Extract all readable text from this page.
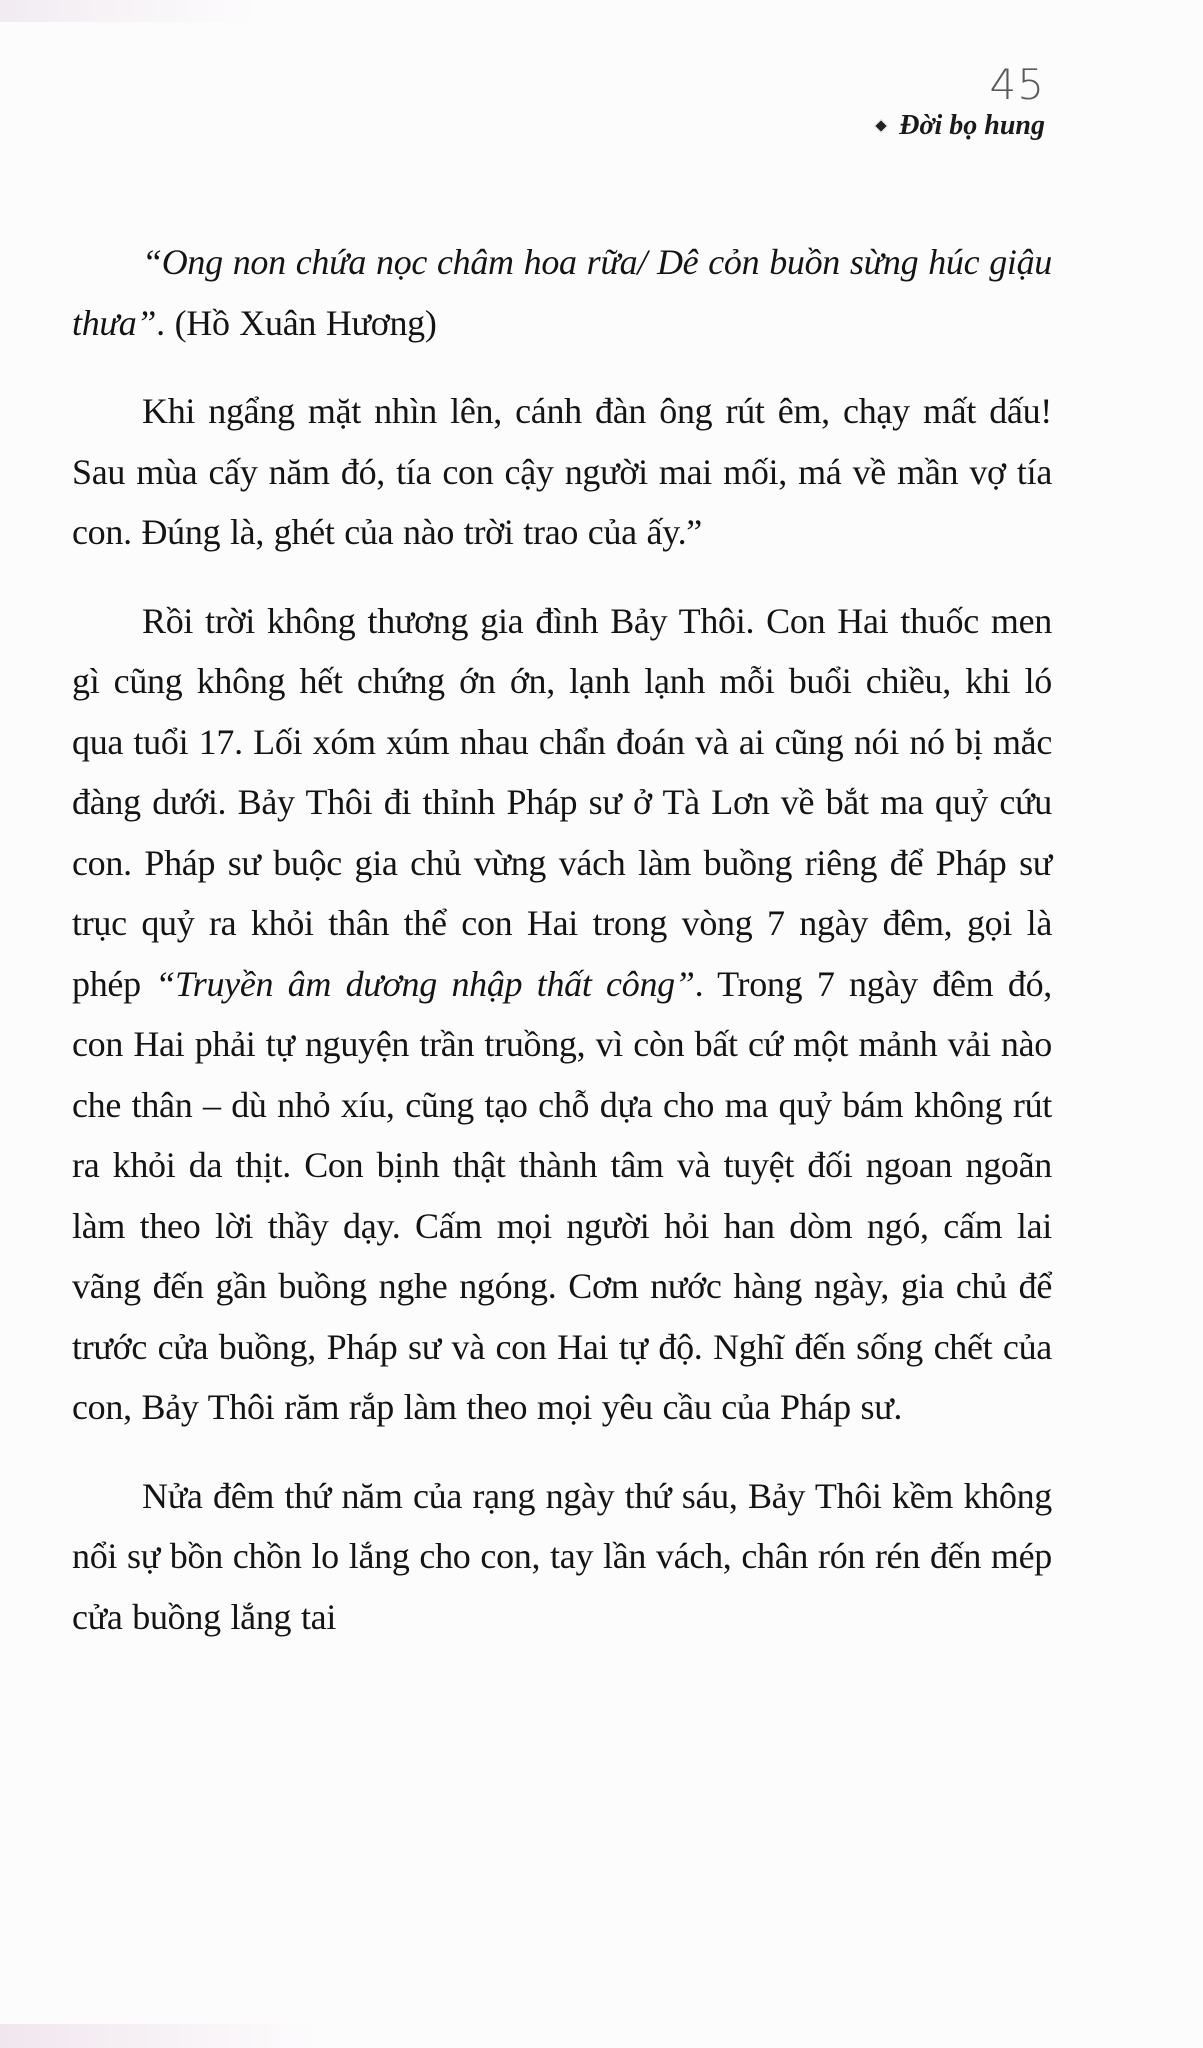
45
Đời bọ hung

“Ong non chứa nọc châm hoa rữa/ Dê cỏn buồn sừng húc giậu thưa”. (Hồ Xuân Hương)

Khi ngẩng mặt nhìn lên, cánh đàn ông rút êm, chạy mất dấu! Sau mùa cấy năm đó, tía con cậy người mai mối, má về mần vợ tía con. Đúng là, ghét của nào trời trao của ấy.”

Rồi trời không thương gia đình Bảy Thôi. Con Hai thuốc men gì cũng không hết chứng ớn ớn, lạnh lạnh mỗi buổi chiều, khi ló qua tuổi 17. Lối xóm xúm nhau chẩn đoán và ai cũng nói nó bị mắc đàng dưới. Bảy Thôi đi thỉnh Pháp sư ở Tà Lơn về bắt ma quỷ cứu con. Pháp sư buộc gia chủ vừng vách làm buồng riêng để Pháp sư trục quỷ ra khỏi thân thể con Hai trong vòng 7 ngày đêm, gọi là phép “Truyền âm dương nhập thất công”. Trong 7 ngày đêm đó, con Hai phải tự nguyện trần truồng, vì còn bất cứ một mảnh vải nào che thân – dù nhỏ xíu, cũng tạo chỗ dựa cho ma quỷ bám không rút ra khỏi da thịt. Con bịnh thật thành tâm và tuyệt đối ngoan ngoãn làm theo lời thầy dạy. Cấm mọi người hỏi han dòm ngó, cấm lai vãng đến gần buồng nghe ngóng. Cơm nước hàng ngày, gia chủ để trước cửa buồng, Pháp sư và con Hai tự độ. Nghĩ đến sống chết của con, Bảy Thôi răm rắp làm theo mọi yêu cầu của Pháp sư.

Nửa đêm thứ năm của rạng ngày thứ sáu, Bảy Thôi kềm không nổi sự bồn chồn lo lắng cho con, tay lần vách, chân rón rén đến mép cửa buồng lắng tai
